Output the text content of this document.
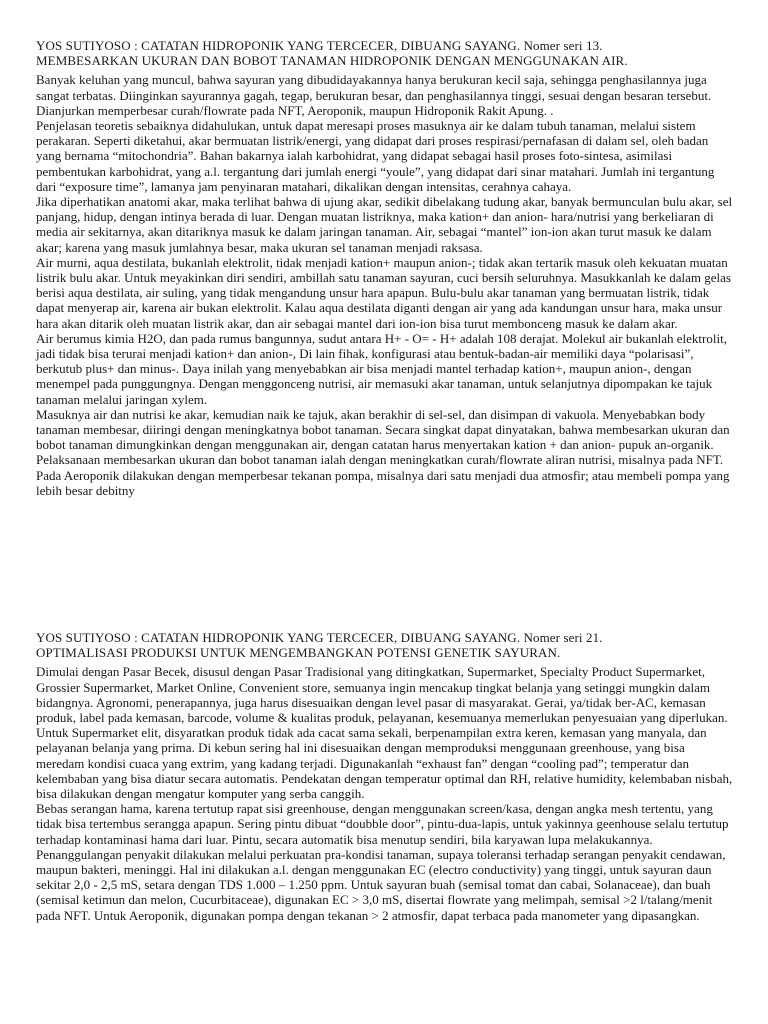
YOS SUTIYOSO : CATATAN HIDROPONIK YANG TERCECER, DIBUANG SAYANG. Nomer seri 13.
MEMBESARKAN UKURAN DAN BOBOT TANAMAN HIDROPONIK DENGAN MENGGUNAKAN AIR.

Banyak keluhan yang muncul, bahwa sayuran yang dibudidayakannya hanya berukuran kecil saja, sehingga penghasilannya juga sangat terbatas. Diinginkan sayurannya gagah, tegap, berukuran besar, dan penghasilannya tinggi, sesuai dengan besaran tersebut. Dianjurkan memperbesar curah/flowrate pada NFT, Aeroponik, maupun Hidroponik Rakit Apung. .

Penjelasan teoretis sebaiknya didahulukan, untuk dapat meresapi proses masuknya air ke dalam tubuh tanaman, melalui sistem perakaran. Seperti diketahui, akar bermuatan listrik/energi, yang didapat dari proses respirasi/pernafasan di dalam sel, oleh badan yang bernama “mitochondria”. Bahan bakarnya ialah karbohidrat, yang didapat sebagai hasil proses foto-sintesa, asimilasi pembentukan karbohidrat, yang a.l. tergantung dari jumlah energi “youle”, yang didapat dari sinar matahari. Jumlah ini tergantung dari “exposure time”, lamanya jam penyinaran matahari, dikalikan dengan intensitas, cerahnya cahaya.

Jika diperhatikan anatomi akar, maka terlihat bahwa di ujung akar, sedikit dibelakang tudung akar, banyak bermunculan bulu akar, sel panjang, hidup, dengan intinya berada di luar. Dengan muatan listriknya, maka kation+ dan anion- hara/nutrisi yang berkeliaran di media air sekitarnya, akan ditariknya masuk ke dalam jaringan tanaman. Air, sebagai “mantel” ion-ion akan turut masuk ke dalam akar; karena yang masuk jumlahnya besar, maka ukuran sel tanaman menjadi raksasa.

Air murni, aqua destilata, bukanlah elektrolit, tidak menjadi kation+ maupun anion-; tidak akan tertarik masuk oleh kekuatan muatan listrik bulu akar. Untuk meyakinkan diri sendiri, ambillah satu tanaman sayuran, cuci bersih seluruhnya. Masukkanlah ke dalam gelas berisi aqua destilata, air suling, yang tidak mengandung unsur hara apapun. Bulu-bulu akar tanaman yang bermuatan listrik, tidak dapat menyerap air, karena air bukan elektrolit. Kalau aqua destilata diganti dengan air yang ada kandungan unsur hara, maka unsur hara akan ditarik oleh muatan listrik akar, dan air sebagai mantel dari ion-ion bisa turut membonceng masuk ke dalam akar.

Air berumus kimia H2O, dan pada rumus bangunnya, sudut antara H+ - O= - H+ adalah 108 derajat. Molekul air bukanlah elektrolit, jadi tidak bisa terurai menjadi kation+ dan anion-, Di lain fihak, konfigurasi atau bentuk-badan-air memiliki daya “polarisasi”, berkutub plus+ dan minus-. Daya inilah yang menyebabkan air bisa menjadi mantel terhadap kation+, maupun anion-, dengan menempel pada punggungnya. Dengan menggonceng nutrisi, air memasuki akar tanaman, untuk selanjutnya dipompakan ke tajuk tanaman melalui jaringan xylem.

Masuknya air dan nutrisi ke akar, kemudian naik ke tajuk, akan berakhir di sel-sel, dan disimpan di vakuola. Menyebabkan body tanaman membesar, diiringi dengan meningkatnya bobot tanaman. Secara singkat dapat dinyatakan, bahwa membesarkan ukuran dan bobot tanaman dimungkinkan dengan menggunakan air, dengan catatan harus menyertakan kation + dan anion- pupuk an-organik.

Pelaksanaan membesarkan ukuran dan bobot tanaman ialah dengan meningkatkan curah/flowrate aliran nutrisi, misalnya pada NFT. Pada Aeroponik dilakukan dengan memperbesar tekanan pompa, misalnya dari satu menjadi dua atmosfir; atau membeli pompa yang lebih besar debitny

YOS SUTIYOSO : CATATAN HIDROPONIK YANG TERCECER, DIBUANG SAYANG. Nomer seri 21.
OPTIMALISASI PRODUKSI UNTUK MENGEMBANGKAN POTENSI GENETIK SAYURAN.

Dimulai dengan Pasar Becek, disusul dengan Pasar Tradisional yang ditingkatkan, Supermarket, Specialty Product Supermarket, Grossier Supermarket, Market Online, Convenient store, semuanya ingin mencakup tingkat belanja yang setinggi mungkin dalam bidangnya. Agronomi, penerapannya, juga harus disesuaikan dengan level pasar di masyarakat. Gerai, ya/tidak ber-AC, kemasan produk, label pada kemasan, barcode, volume & kualitas produk, pelayanan, kesemuanya memerlukan penyesuaian yang diperlukan.

Untuk Supermarket elit, disyaratkan produk tidak ada cacat sama sekali, berpenampilan extra keren, kemasan yang manyala, dan pelayanan belanja yang prima. Di kebun sering hal ini disesuaikan dengan memproduksi menggunaan greenhouse, yang bisa meredam kondisi cuaca yang extrim, yang kadang terjadi. Digunakanlah “exhaust fan” dengan “cooling pad”; temperatur dan kelembaban yang bisa diatur secara automatis. Pendekatan dengan temperatur optimal dan RH, relative humidity, kelembaban nisbah, bisa dilakukan dengan mengatur komputer yang serba canggih.

Bebas serangan hama, karena tertutup rapat sisi greenhouse, dengan menggunakan screen/kasa, dengan angka mesh tertentu, yang tidak bisa tertembus serangga apapun. Sering pintu dibuat “doubble door”, pintu-dua-lapis, untuk yakinnya geenhouse selalu tertutup terhadap kontaminasi hama dari luar. Pintu, secara automatik bisa menutup sendiri, bila karyawan lupa melakukannya.

Penanggulangan penyakit dilakukan melalui perkuatan pra-kondisi tanaman, supaya toleransi terhadap serangan penyakit cendawan, maupun bakteri, meninggi. Hal ini dilakukan a.l. dengan menggunakan EC (electro conductivity) yang tinggi, untuk sayuran daun sekitar 2,0 - 2,5 mS, setara dengan TDS 1.000 – 1.250 ppm. Untuk sayuran buah (semisal tomat dan cabai, Solanaceae), dan buah (semisal ketimun dan melon, Cucurbitaceae), digunakan EC > 3,0 mS, disertai flowrate yang melimpah, semisal >2 l/talang/menit pada NFT. Untuk Aeroponik, digunakan pompa dengan tekanan > 2 atmosfir, dapat terbaca pada manometer yang dipasangkan.
